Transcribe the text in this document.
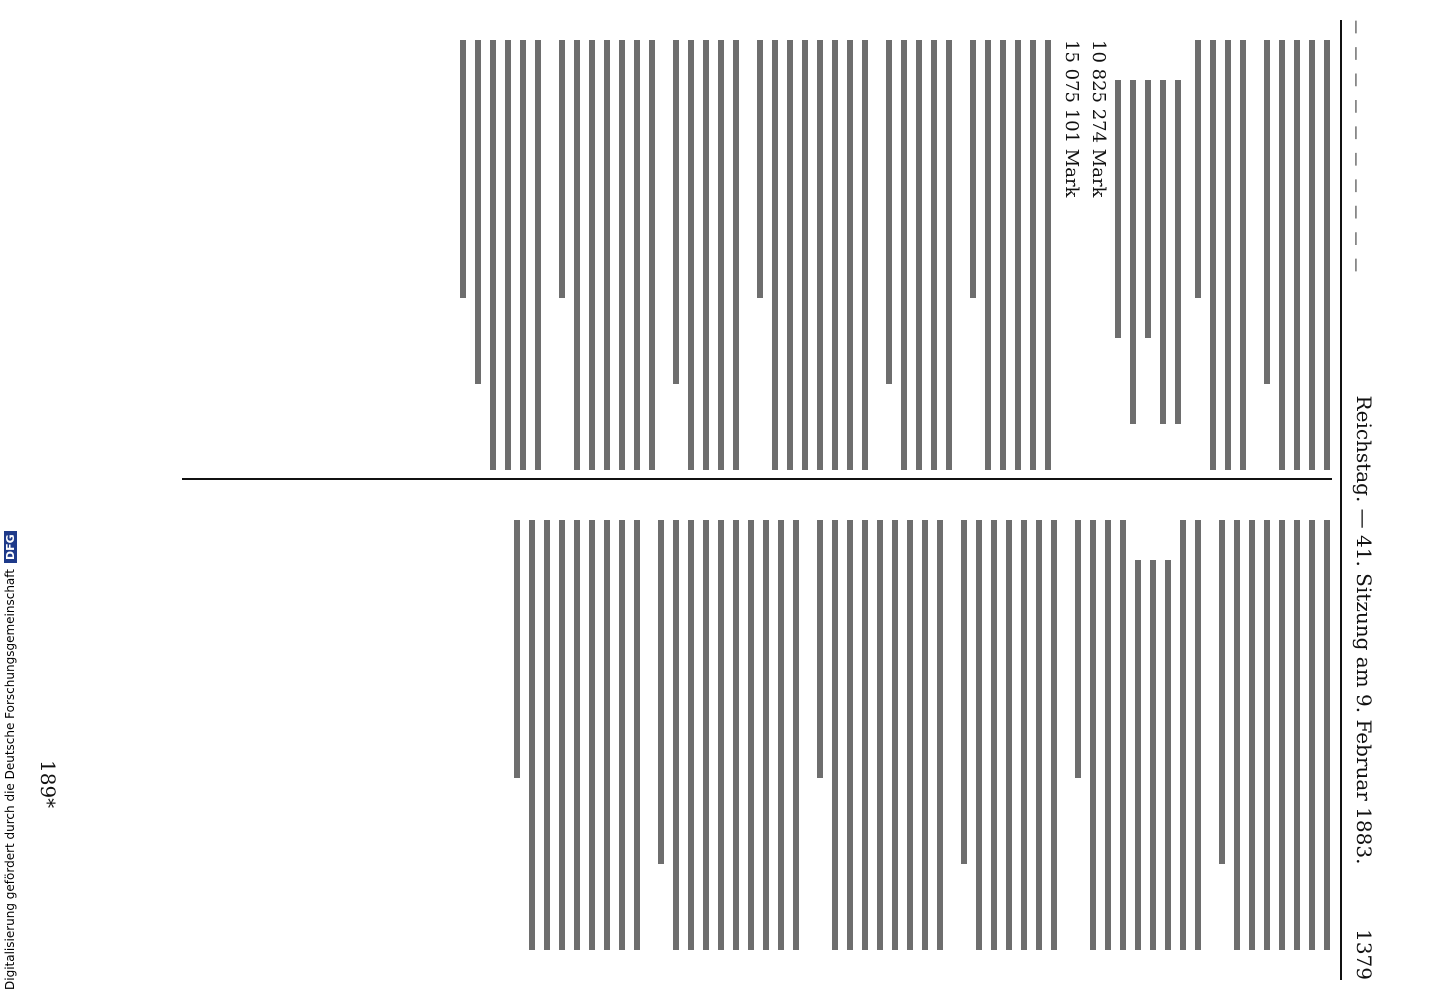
— — — — — — — — — —
Reichstag. — 41. Sitzung am 9. Februar 1883.
1379
10 825 274 Mark
15 075 101 Mark
189*
Digitalisierung gefördert durch die Deutsche ForschungsgemeinschaftDFG
